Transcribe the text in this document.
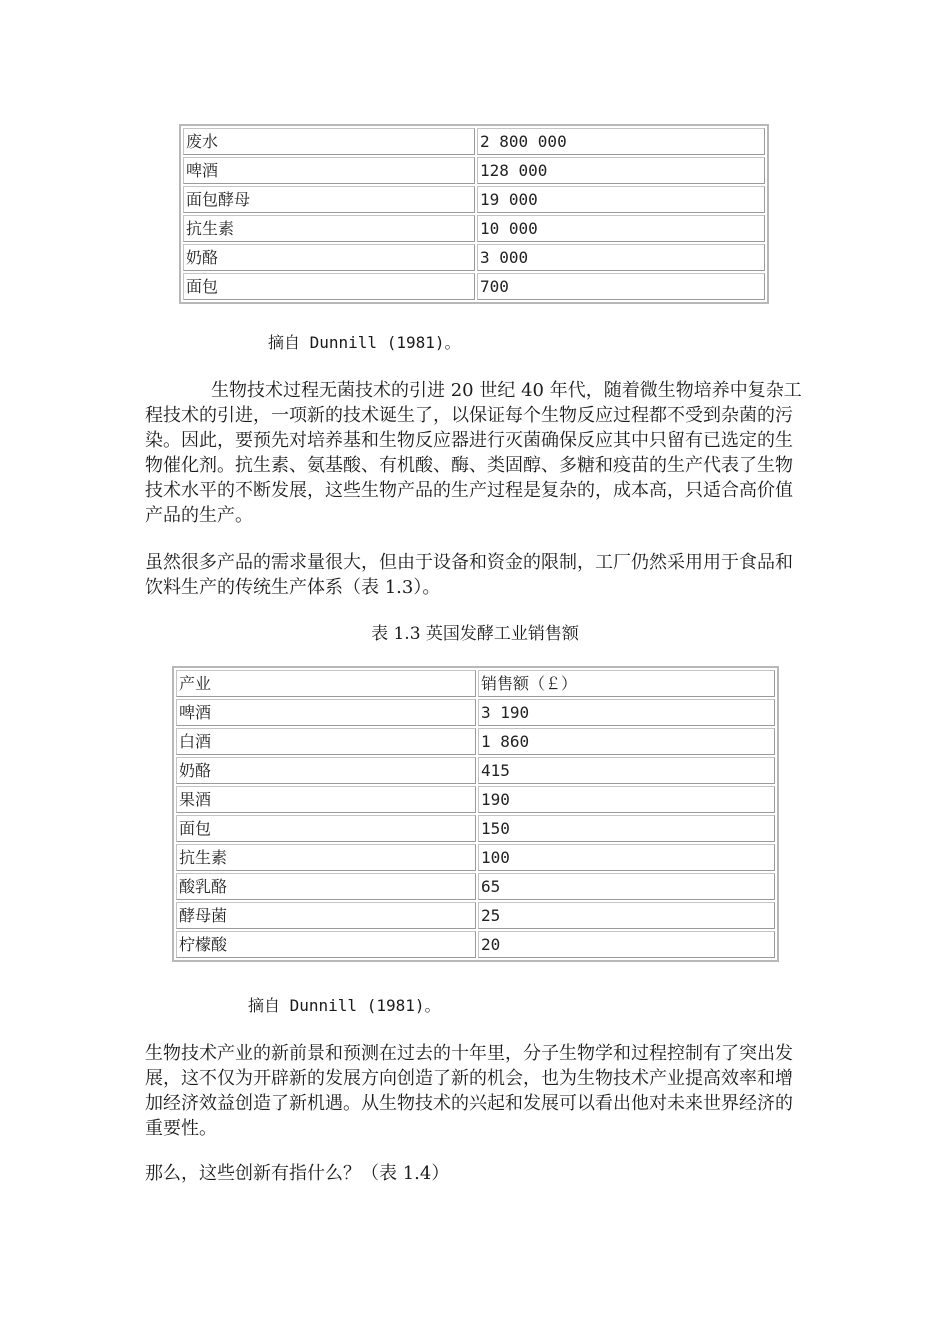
废水	2 800 000
啤酒	128 000
面包酵母	19 000
抗生素	10 000
奶酪	3 000
面包	700

摘自 Dunnill (1981)。

生物技术过程无菌技术的引进 20 世纪 40 年代，随着微生物培养中复杂工程技术的引进，一项新的技术诞生了，以保证每个生物反应过程都不受到杂菌的污染。因此，要预先对培养基和生物反应器进行灭菌确保反应其中只留有已选定的生物催化剂。抗生素、氨基酸、有机酸、酶、类固醇、多糖和疫苗的生产代表了生物技术水平的不断发展，这些生物产品的生产过程是复杂的，成本高，只适合高价值产品的生产。

虽然很多产品的需求量很大，但由于设备和资金的限制，工厂仍然采用用于食品和饮料生产的传统生产体系（表 1.3）。

表 1.3 英国发酵工业销售额

产业	销售额（￡）
啤酒	3 190
白酒	1 860
奶酪	415
果酒	190
面包	150
抗生素	100
酸乳酪	65
酵母菌	25
柠檬酸	20

摘自 Dunnill (1981)。

生物技术产业的新前景和预测在过去的十年里，分子生物学和过程控制有了突出发展，这不仅为开辟新的发展方向创造了新的机会，也为生物技术产业提高效率和增加经济效益创造了新机遇。从生物技术的兴起和发展可以看出他对未来世界经济的重要性。

那么，这些创新有指什么？（表 1.4）
